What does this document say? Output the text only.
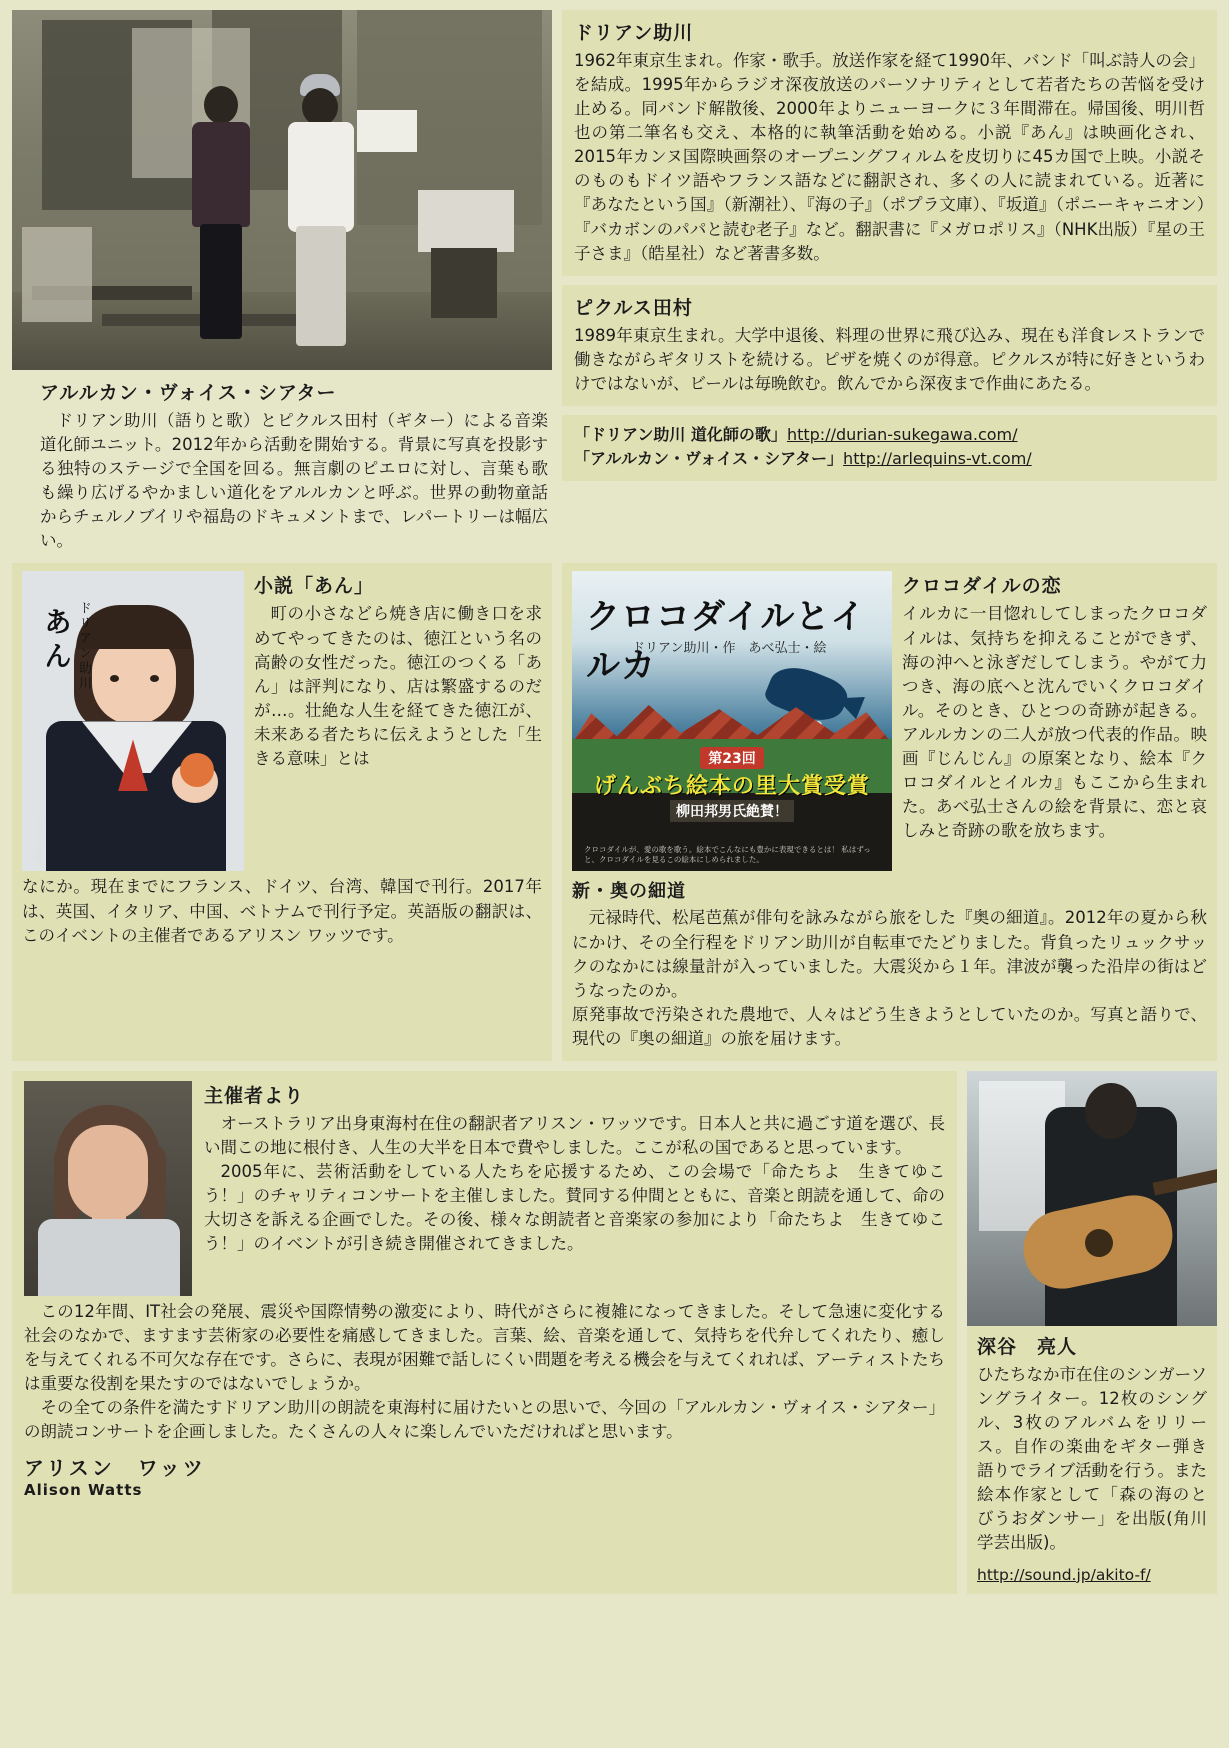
アルルカン・ヴォイス・シアター
ドリアン助川（語りと歌）とピクルス田村（ギター）による音楽道化師ユニット。2012年から活動を開始する。背景に写真を投影する独特のステージで全国を回る。無言劇のピエロに対し、言葉も歌も繰り広げるやかましい道化をアルルカンと呼ぶ。世界の動物童話からチェルノブイリや福島のドキュメントまで、レパートリーは幅広い。
ドリアン助川
1962年東京生まれ。作家・歌手。放送作家を経て1990年、バンド「叫ぶ詩人の会」を結成。1995年からラジオ深夜放送のパーソナリティとして若者たちの苦悩を受け止める。同バンド解散後、2000年よりニューヨークに３年間滞在。帰国後、明川哲也の第二筆名も交え、本格的に執筆活動を始める。小説『あん』は映画化され、2015年カンヌ国際映画祭のオープニングフィルムを皮切りに45カ国で上映。小説そのものもドイツ語やフランス語などに翻訳され、多くの人に読まれている。近著に『あなたという国』（新潮社）、『海の子』（ポプラ文庫）、『坂道』（ポニーキャニオン）『バカボンのパパと読む老子』など。翻訳書に『メガロポリス』（NHK出版）『星の王子さま』（皓星社）など著書多数。
ピクルス田村
1989年東京生まれ。大学中退後、料理の世界に飛び込み、現在も洋食レストランで働きながらギタリストを続ける。ピザを焼くのが得意。ピクルスが特に好きというわけではないが、ビールは毎晩飲む。飲んでから深夜まで作曲にあたる。
「ドリアン助川 道化師の歌」http://durian-sukegawa.com/
「アルルカン・ヴォイス・シアター」http://arlequins-vt.com/
あん ドリアン助川
ポプラ文庫
小説「あん」
町の小さなどら焼き店に働き口を求めてやってきたのは、徳江という名の高齢の女性だった。徳江のつくる「あん」は評判になり、店は繁盛するのだが…。壮絶な人生を経てきた徳江が、未来ある者たちに伝えようとした「生きる意味」とは
なにか。現在までにフランス、ドイツ、台湾、韓国で刊行。2017年は、英国、イタリア、中国、ベトナムで刊行予定。英語版の翻訳は、このイベントの主催者であるアリスン ワッツです。
クロコダイルとイルカ
ドリアン助川・作　あべ弘士・絵
第23回
げんぶち絵本の里大賞受賞
柳田邦男氏絶賛！
クロコダイルが、愛の歌を歌う。絵本でこんなにも豊かに表現できるとは！ 私はずっと、クロコダイルを見るこの絵本にしめられました。
クロコダイルの恋
イルカに一目惚れしてしまったクロコダイルは、気持ちを抑えることができず、海の沖へと泳ぎだしてしまう。やがて力つき、海の底へと沈んでいくクロコダイル。そのとき、ひとつの奇跡が起きる。アルルカンの二人が放つ代表的作品。映画『じんじん』の原案となり、絵本『クロコダイルとイルカ』もここから生まれた。あべ弘士さんの絵を背景に、恋と哀しみと奇跡の歌を放ちます。
新・奥の細道
元禄時代、松尾芭蕉が俳句を詠みながら旅をした『奥の細道』。2012年の夏から秋にかけ、その全行程をドリアン助川が自転車でたどりました。背負ったリュックサックのなかには線量計が入っていました。大震災から１年。津波が襲った沿岸の街はどうなったのか。
原発事故で汚染された農地で、人々はどう生きようとしていたのか。写真と語りで、現代の『奥の細道』の旅を届けます。
主催者より
オーストラリア出身東海村在住の翻訳者アリスン・ワッツです。日本人と共に過ごす道を選び、長い間この地に根付き、人生の大半を日本で費やしました。ここが私の国であると思っています。
2005年に、芸術活動をしている人たちを応援するため、この会場で「命たちよ　生きてゆこう！」のチャリティコンサートを主催しました。賛同する仲間とともに、音楽と朗読を通して、命の大切さを訴える企画でした。その後、様々な朗読者と音楽家の参加により「命たちよ　生きてゆこう！」のイベントが引き続き開催されてきました。
この12年間、IT社会の発展、震災や国際情勢の激変により、時代がさらに複雑になってきました。そして急速に変化する社会のなかで、ますます芸術家の必要性を痛感してきました。言葉、絵、音楽を通して、気持ちを代弁してくれたり、癒しを与えてくれる不可欠な存在です。さらに、表現が困難で話しにくい問題を考える機会を与えてくれれば、アーティストたちは重要な役割を果たすのではないでしょうか。
その全ての条件を満たすドリアン助川の朗読を東海村に届けたいとの思いで、今回の「アルルカン・ヴォイス・シアター」の朗読コンサートを企画しました。たくさんの人々に楽しんでいただければと思います。
アリスン　ワッツ
Alison Watts
深谷　亮人
ひたちなか市在住のシンガーソングライター。12枚のシングル、3枚のアルバムをリリース。自作の楽曲をギター弾き語りでライブ活動を行う。また絵本作家として「森の海のとびうおダンサー」を出版(角川学芸出版)。
http://sound.jp/akito-f/
